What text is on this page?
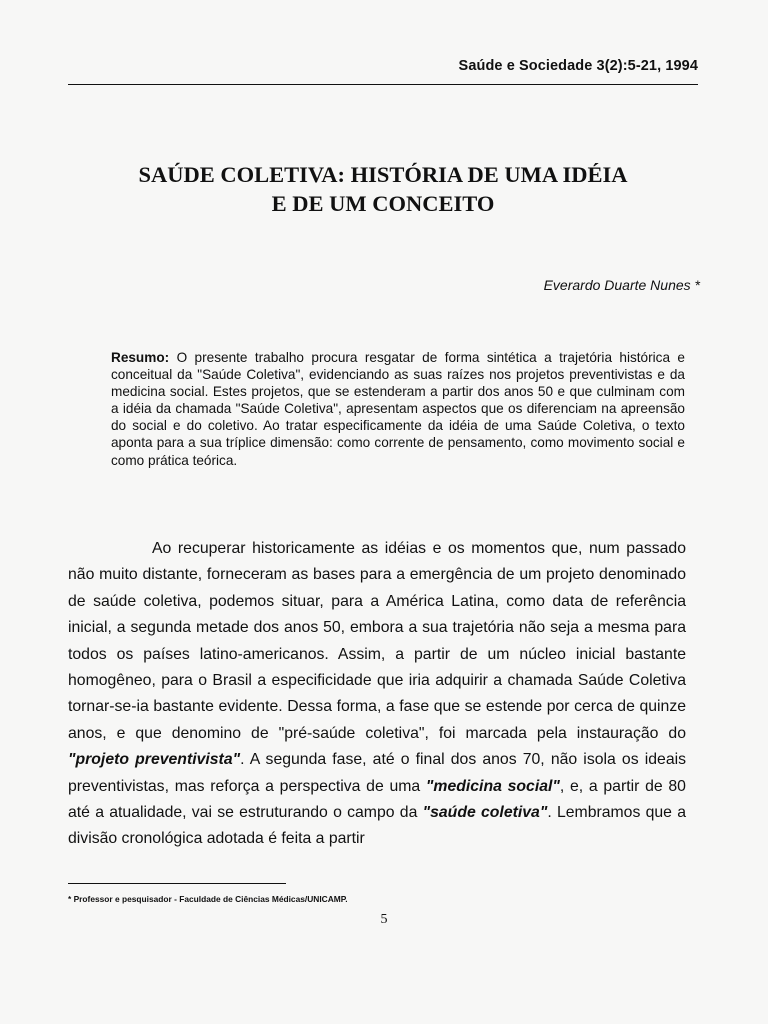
Saúde e Sociedade 3(2):5-21, 1994
SAÚDE COLETIVA: HISTÓRIA DE UMA IDÉIA
E DE UM CONCEITO
Everardo Duarte Nunes *
Resumo: O presente trabalho procura resgatar de forma sintética a trajetória histórica e conceitual da "Saúde Coletiva", evidenciando as suas raízes nos projetos preventivistas e da medicina social. Estes projetos, que se estenderam a partir dos anos 50 e que culminam com a idéia da chamada "Saúde Coletiva", apresentam aspectos que os diferenciam na apreensão do social e do coletivo. Ao tratar especificamente da idéia de uma Saúde Coletiva, o texto aponta para a sua tríplice dimensão: como corrente de pensamento, como movimento social e como prática teórica.

Ao recuperar historicamente as idéias e os momentos que, num passado não muito distante, forneceram as bases para a emergência de um projeto denominado de saúde coletiva, podemos situar, para a América Latina, como data de referência inicial, a segunda metade dos anos 50, embora a sua trajetória não seja a mesma para todos os países latino-americanos. Assim, a partir de um núcleo inicial bastante homogêneo, para o Brasil a especificidade que iria adquirir a chamada Saúde Coletiva tornar-se-ia bastante evidente. Dessa forma, a fase que se estende por cerca de quinze anos, e que denomino de "pré-saúde coletiva", foi marcada pela instauração do "projeto preventivista". A segunda fase, até o final dos anos 70, não isola os ideais preventivistas, mas reforça a perspectiva de uma "medicina social", e, a partir de 80 até a atualidade, vai se estruturando o campo da "saúde coletiva". Lembramos que a divisão cronológica adotada é feita a partir

* Professor e pesquisador - Faculdade de Ciências Médicas/UNICAMP.
5
